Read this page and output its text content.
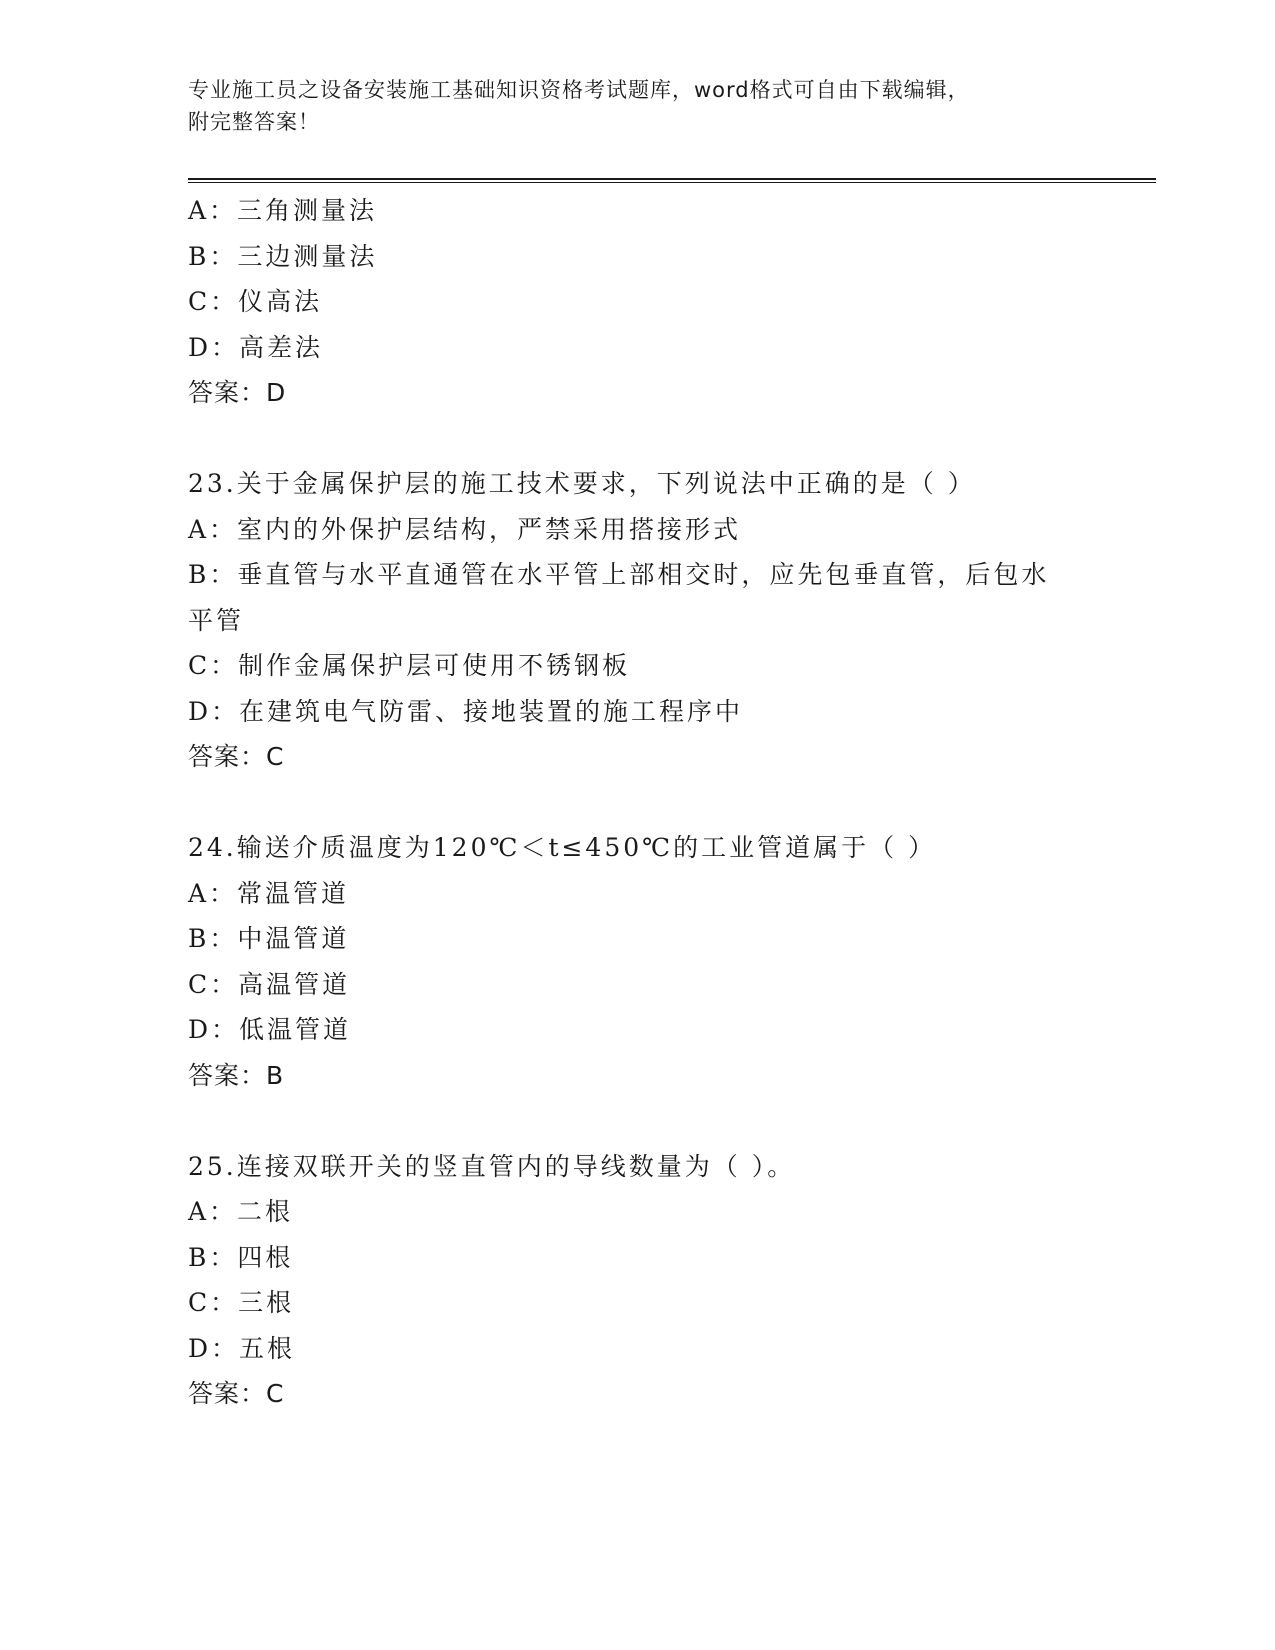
专业施工员之设备安装施工基础知识资格考试题库，word格式可自由下载编辑，
附完整答案！
A：三角测量法
B：三边测量法
C：仪高法
D：高差法
答案：D
23.关于金属保护层的施工技术要求，下列说法中正确的是（ ）
A：室内的外保护层结构，严禁采用搭接形式
B：垂直管与水平直通管在水平管上部相交时，应先包垂直管，后包水平管
C：制作金属保护层可使用不锈钢板
D：在建筑电气防雷、接地装置的施工程序中
答案：C
24.输送介质温度为120℃＜t≤450℃的工业管道属于（ ）
A：常温管道
B：中温管道
C：高温管道
D：低温管道
答案：B
25.连接双联开关的竖直管内的导线数量为（ ）。
A：二根
B：四根
C：三根
D：五根
答案：C
